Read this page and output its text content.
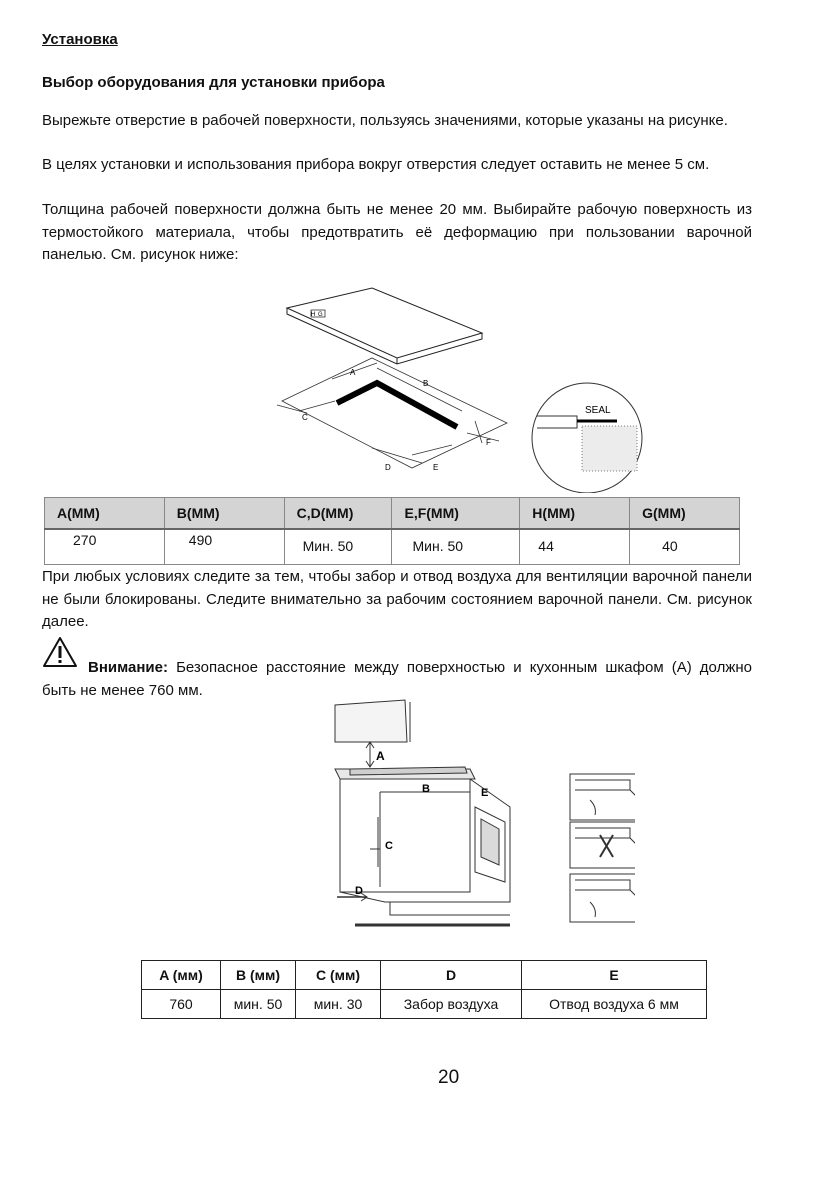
Установка
Выбор оборудования для установки прибора
Вырежьте отверстие в рабочей поверхности, пользуясь значениями, которые указаны на рисунке.
В целях установки и использования прибора вокруг отверстия следует оставить не менее 5 см.
Толщина рабочей поверхности должна быть не менее 20 мм. Выбирайте рабочую поверхность из термостойкого материала, чтобы предотвратить её деформацию при пользовании варочной панелью. См. рисунок ниже:
H G
A
B
C
D	E
F
SEAL
A(MM)	B(MM)	C,D(MM)	E,F(MM)	H(MM)	G(MM)
270	490	Мин. 50	Мин. 50	44	40
При любых условиях следите за тем, чтобы забор и отвод воздуха для вентиляции варочной панели не были блокированы. Следите внимательно за рабочим состоянием варочной панели. См. рисунок далее.

Внимание: Безопасное расстояние между поверхностью и кухонным шкафом (А) должно быть не менее 760 мм.

A
B
C
D
E
A (мм)	B (мм)	C (мм)	D	E
760	мин. 50	мин. 30	Забор воздуха	Отвод воздуха 6 мм
20
